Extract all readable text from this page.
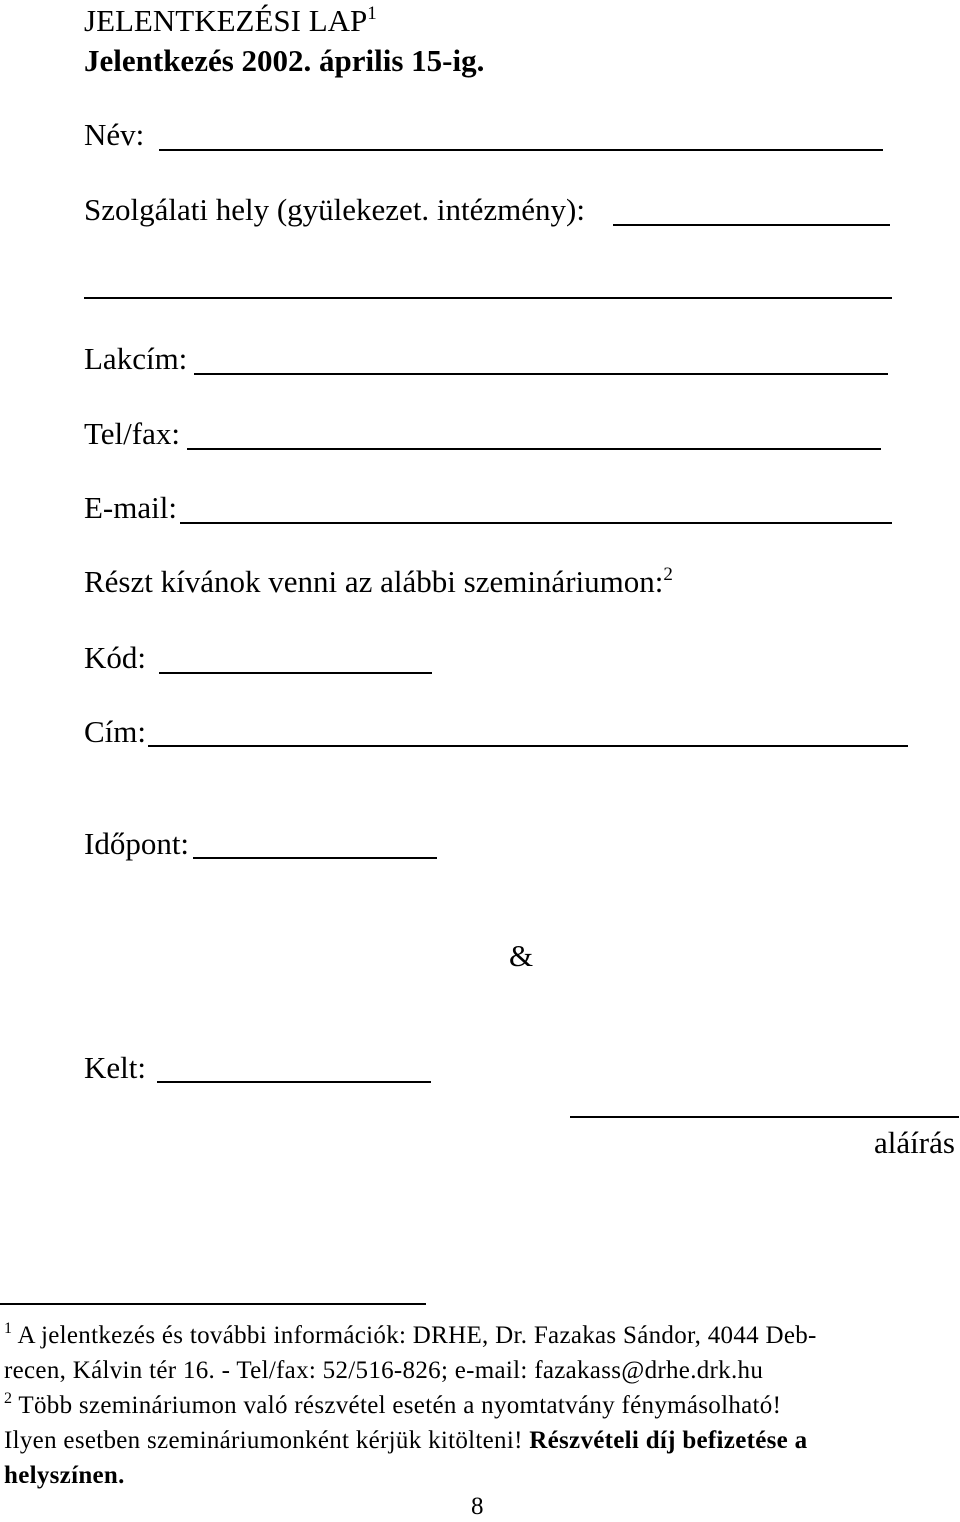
JELENTKEZÉSI LAP$^1$
Jelentkezés 2002. április 15-ig.
Név:
Szolgálati hely (gyülekezet. intézmény):
Lakcím:
Tel/fax:
E-mail:
Részt kívánok venni az alábbi szemináriumon:$^2$
Kód:
Cím:
Időpont:
&
Kelt:
aláírás
$^1$ A jelentkezés és további információk: DRHE, Dr. Fazakas Sándor, 4044 Deb-
recen, Kálvin tér 16. - Tel/fax: 52/516-826; e-mail: fazakass@drhe.drk.hu
$^2$ Több szemináriumon való részvétel esetén a nyomtatvány fénymásolható!
Ilyen esetben szemináriumonként kérjük kitölteni! Részvételi díj befizetése a
helyszínen.
8
